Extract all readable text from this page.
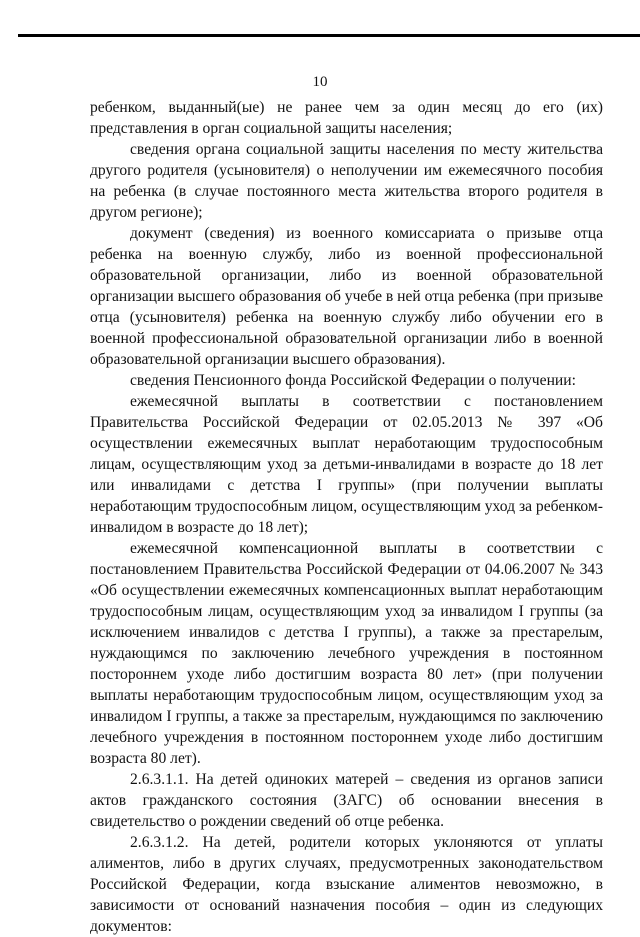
10

ребенком, выданный(ые) не ранее чем за один месяц до его (их) представления в орган социальной защиты населения;

сведения органа социальной защиты населения по месту жительства другого родителя (усыновителя) о неполучении им ежемесячного пособия на ребенка (в случае постоянного места жительства второго родителя в другом регионе);

документ (сведения) из военного комиссариата о призыве отца ребенка на военную службу, либо из военной профессиональной образовательной организации, либо из военной образовательной организации высшего образования об учебе в ней отца ребенка (при призыве отца (усыновителя) ребенка на военную службу либо обучении его в военной профессиональной образовательной организации либо в военной образовательной организации высшего образования).

сведения Пенсионного фонда Российской Федерации о получении:

ежемесячной выплаты в соответствии с постановлением Правительства Российской Федерации от 02.05.2013 № 397 «Об осуществлении ежемесячных выплат неработающим трудоспособным лицам, осуществляющим уход за детьми-инвалидами в возрасте до 18 лет или инвалидами с детства I группы» (при получении выплаты неработающим трудоспособным лицом, осуществляющим уход за ребенком-инвалидом в возрасте до 18 лет);

ежемесячной компенсационной выплаты в соответствии с постановлением Правительства Российской Федерации от 04.06.2007 № 343 «Об осуществлении ежемесячных компенсационных выплат неработающим трудоспособным лицам, осуществляющим уход за инвалидом I группы (за исключением инвалидов с детства I группы), а также за престарелым, нуждающимся по заключению лечебного учреждения в постоянном постороннем уходе либо достигшим возраста 80 лет» (при получении выплаты неработающим трудоспособным лицом, осуществляющим уход за инвалидом I группы, а также за престарелым, нуждающимся по заключению лечебного учреждения в постоянном постороннем уходе либо достигшим возраста 80 лет).

2.6.3.1.1. На детей одиноких матерей – сведения из органов записи актов гражданского состояния (ЗАГС) об основании внесения в свидетельство о рождении сведений об отце ребенка.

2.6.3.1.2. На детей, родители которых уклоняются от уплаты алиментов, либо в других случаях, предусмотренных законодательством Российской Федерации, когда взыскание алиментов невозможно, в зависимости от оснований назначения пособия – один из следующих документов:
